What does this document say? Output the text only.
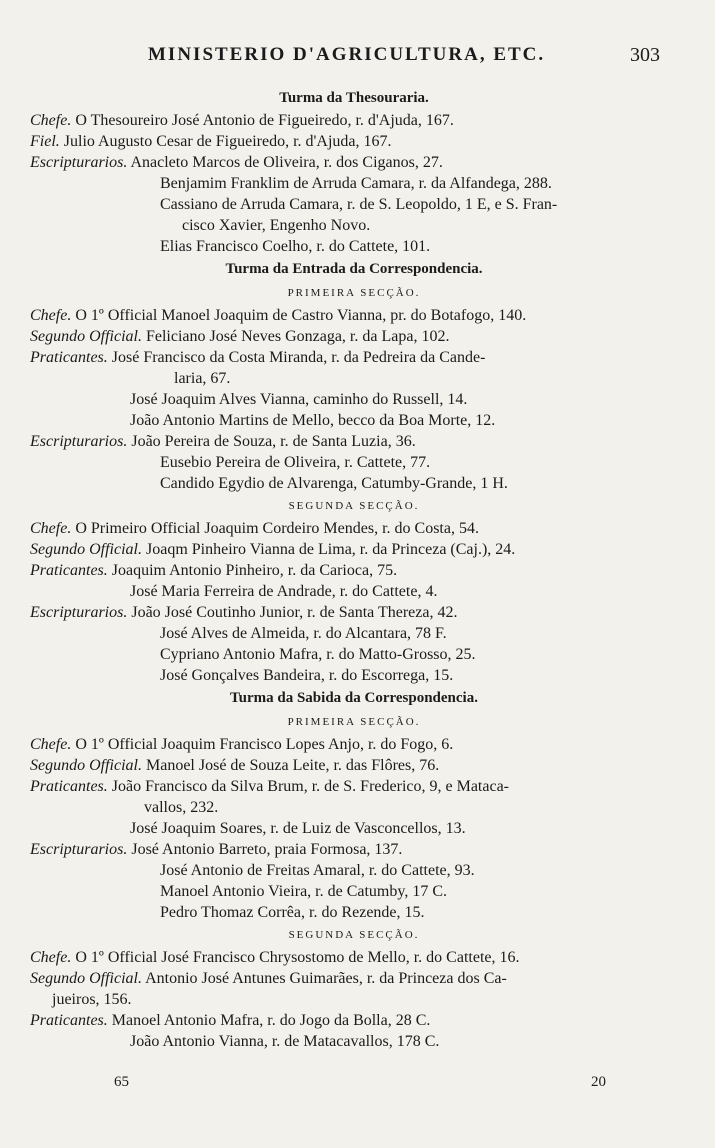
MINISTERIO D'AGRICULTURA, ETC.	303
Turma da Thesouraria.
Chefe. O Thesoureiro José Antonio de Figueiredo, r. d'Ajuda, 167.
Fiel. Julio Augusto Cesar de Figueiredo, r. d'Ajuda, 167.
Escripturarios. Anacleto Marcos de Oliveira, r. dos Ciganos, 27.
Benjamim Franklim de Arruda Camara, r. da Alfandega, 288.
Cassiano de Arruda Camara, r. de S. Leopoldo, 1 E, e S. Fran-
cisco Xavier, Engenho Novo.
Elias Francisco Coelho, r. do Cattete, 101.
Turma da Entrada da Correspondencia.
PRIMEIRA SECÇÃO.
Chefe. O 1º Official Manoel Joaquim de Castro Vianna, pr. do Botafogo, 140.
Segundo Official. Feliciano José Neves Gonzaga, r. da Lapa, 102.
Praticantes. José Francisco da Costa Miranda, r. da Pedreira da Cande-
laria, 67.
José Joaquim Alves Vianna, caminho do Russell, 14.
João Antonio Martins de Mello, becco da Boa Morte, 12.
Escripturarios. João Pereira de Souza, r. de Santa Luzia, 36.
Eusebio Pereira de Oliveira, r. Cattete, 77.
Candido Egydio de Alvarenga, Catumby-Grande, 1 H.
SEGUNDA SECÇÃO.
Chefe. O Primeiro Official Joaquim Cordeiro Mendes, r. do Costa, 54.
Segundo Official. Joaqm Pinheiro Vianna de Lima, r. da Princeza (Caj.), 24.
Praticantes. Joaquim Antonio Pinheiro, r. da Carioca, 75.
José Maria Ferreira de Andrade, r. do Cattete, 4.
Escripturarios. João José Coutinho Junior, r. de Santa Thereza, 42.
José Alves de Almeida, r. do Alcantara, 78 F.
Cypriano Antonio Mafra, r. do Matto-Grosso, 25.
José Gonçalves Bandeira, r. do Escorrega, 15.
Turma da Sabida da Correspondencia.
PRIMEIRA SECÇÃO.
Chefe. O 1º Official Joaquim Francisco Lopes Anjo, r. do Fogo, 6.
Segundo Official. Manoel José de Souza Leite, r. das Flôres, 76.
Praticantes. João Francisco da Silva Brum, r. de S. Frederico, 9, e Mataca-
vallos, 232.
José Joaquim Soares, r. de Luiz de Vasconcellos, 13.
Escripturarios. José Antonio Barreto, praia Formosa, 137.
José Antonio de Freitas Amaral, r. do Cattete, 93.
Manoel Antonio Vieira, r. de Catumby, 17 C.
Pedro Thomaz Corrêa, r. do Rezende, 15.
SEGUNDA SECÇÃO.
Chefe. O 1º Official José Francisco Chrysostomo de Mello, r. do Cattete, 16.
Segundo Official. Antonio José Antunes Guimarães, r. da Princeza dos Ca-
jueiros, 156.
Praticantes. Manoel Antonio Mafra, r. do Jogo da Bolla, 28 C.
João Antonio Vianna, r. de Matacavallos, 178 C.
65	20
